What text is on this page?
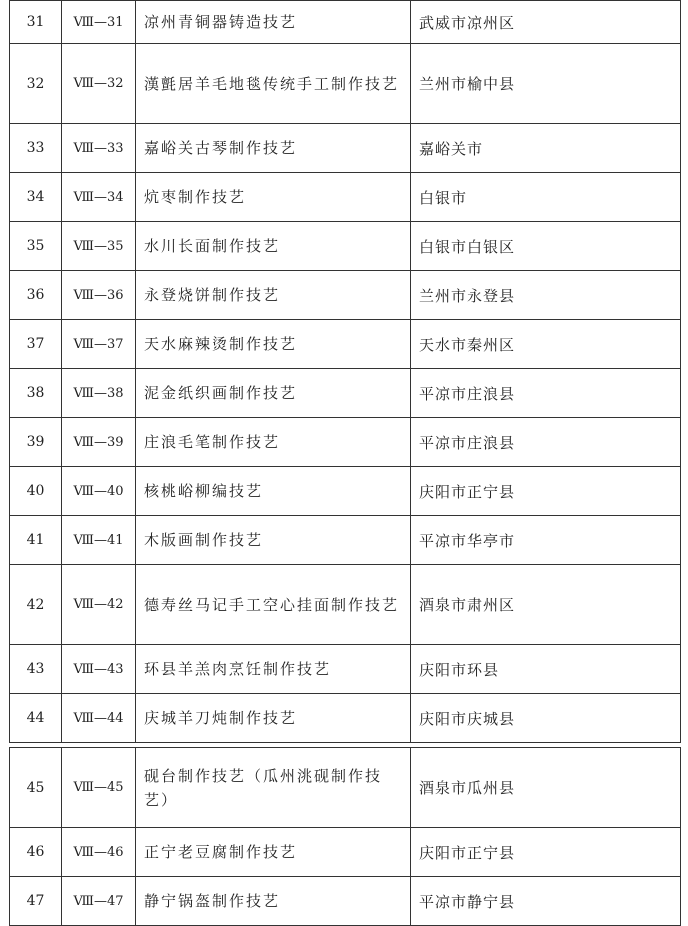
31	Ⅷ—31	凉州青铜器铸造技艺	武威市凉州区
32	Ⅷ—32	漢氈居羊毛地毯传统手工制作技艺	兰州市榆中县
33	Ⅷ—33	嘉峪关古琴制作技艺	嘉峪关市
34	Ⅷ—34	炕枣制作技艺	白银市
35	Ⅷ—35	水川长面制作技艺	白银市白银区
36	Ⅷ—36	永登烧饼制作技艺	兰州市永登县
37	Ⅷ—37	天水麻辣烫制作技艺	天水市秦州区
38	Ⅷ—38	泥金纸织画制作技艺	平凉市庄浪县
39	Ⅷ—39	庄浪毛笔制作技艺	平凉市庄浪县
40	Ⅷ—40	核桃峪柳编技艺	庆阳市正宁县
41	Ⅷ—41	木版画制作技艺	平凉市华亭市
42	Ⅷ—42	德寿丝马记手工空心挂面制作技艺	酒泉市肃州区
43	Ⅷ—43	环县羊羔肉烹饪制作技艺	庆阳市环县
44	Ⅷ—44	庆城羊刀炖制作技艺	庆阳市庆城县

45	Ⅷ—45	砚台制作技艺（瓜州洮砚制作技艺）	酒泉市瓜州县
46	Ⅷ—46	正宁老豆腐制作技艺	庆阳市正宁县
47	Ⅷ—47	静宁锅盔制作技艺	平凉市静宁县
